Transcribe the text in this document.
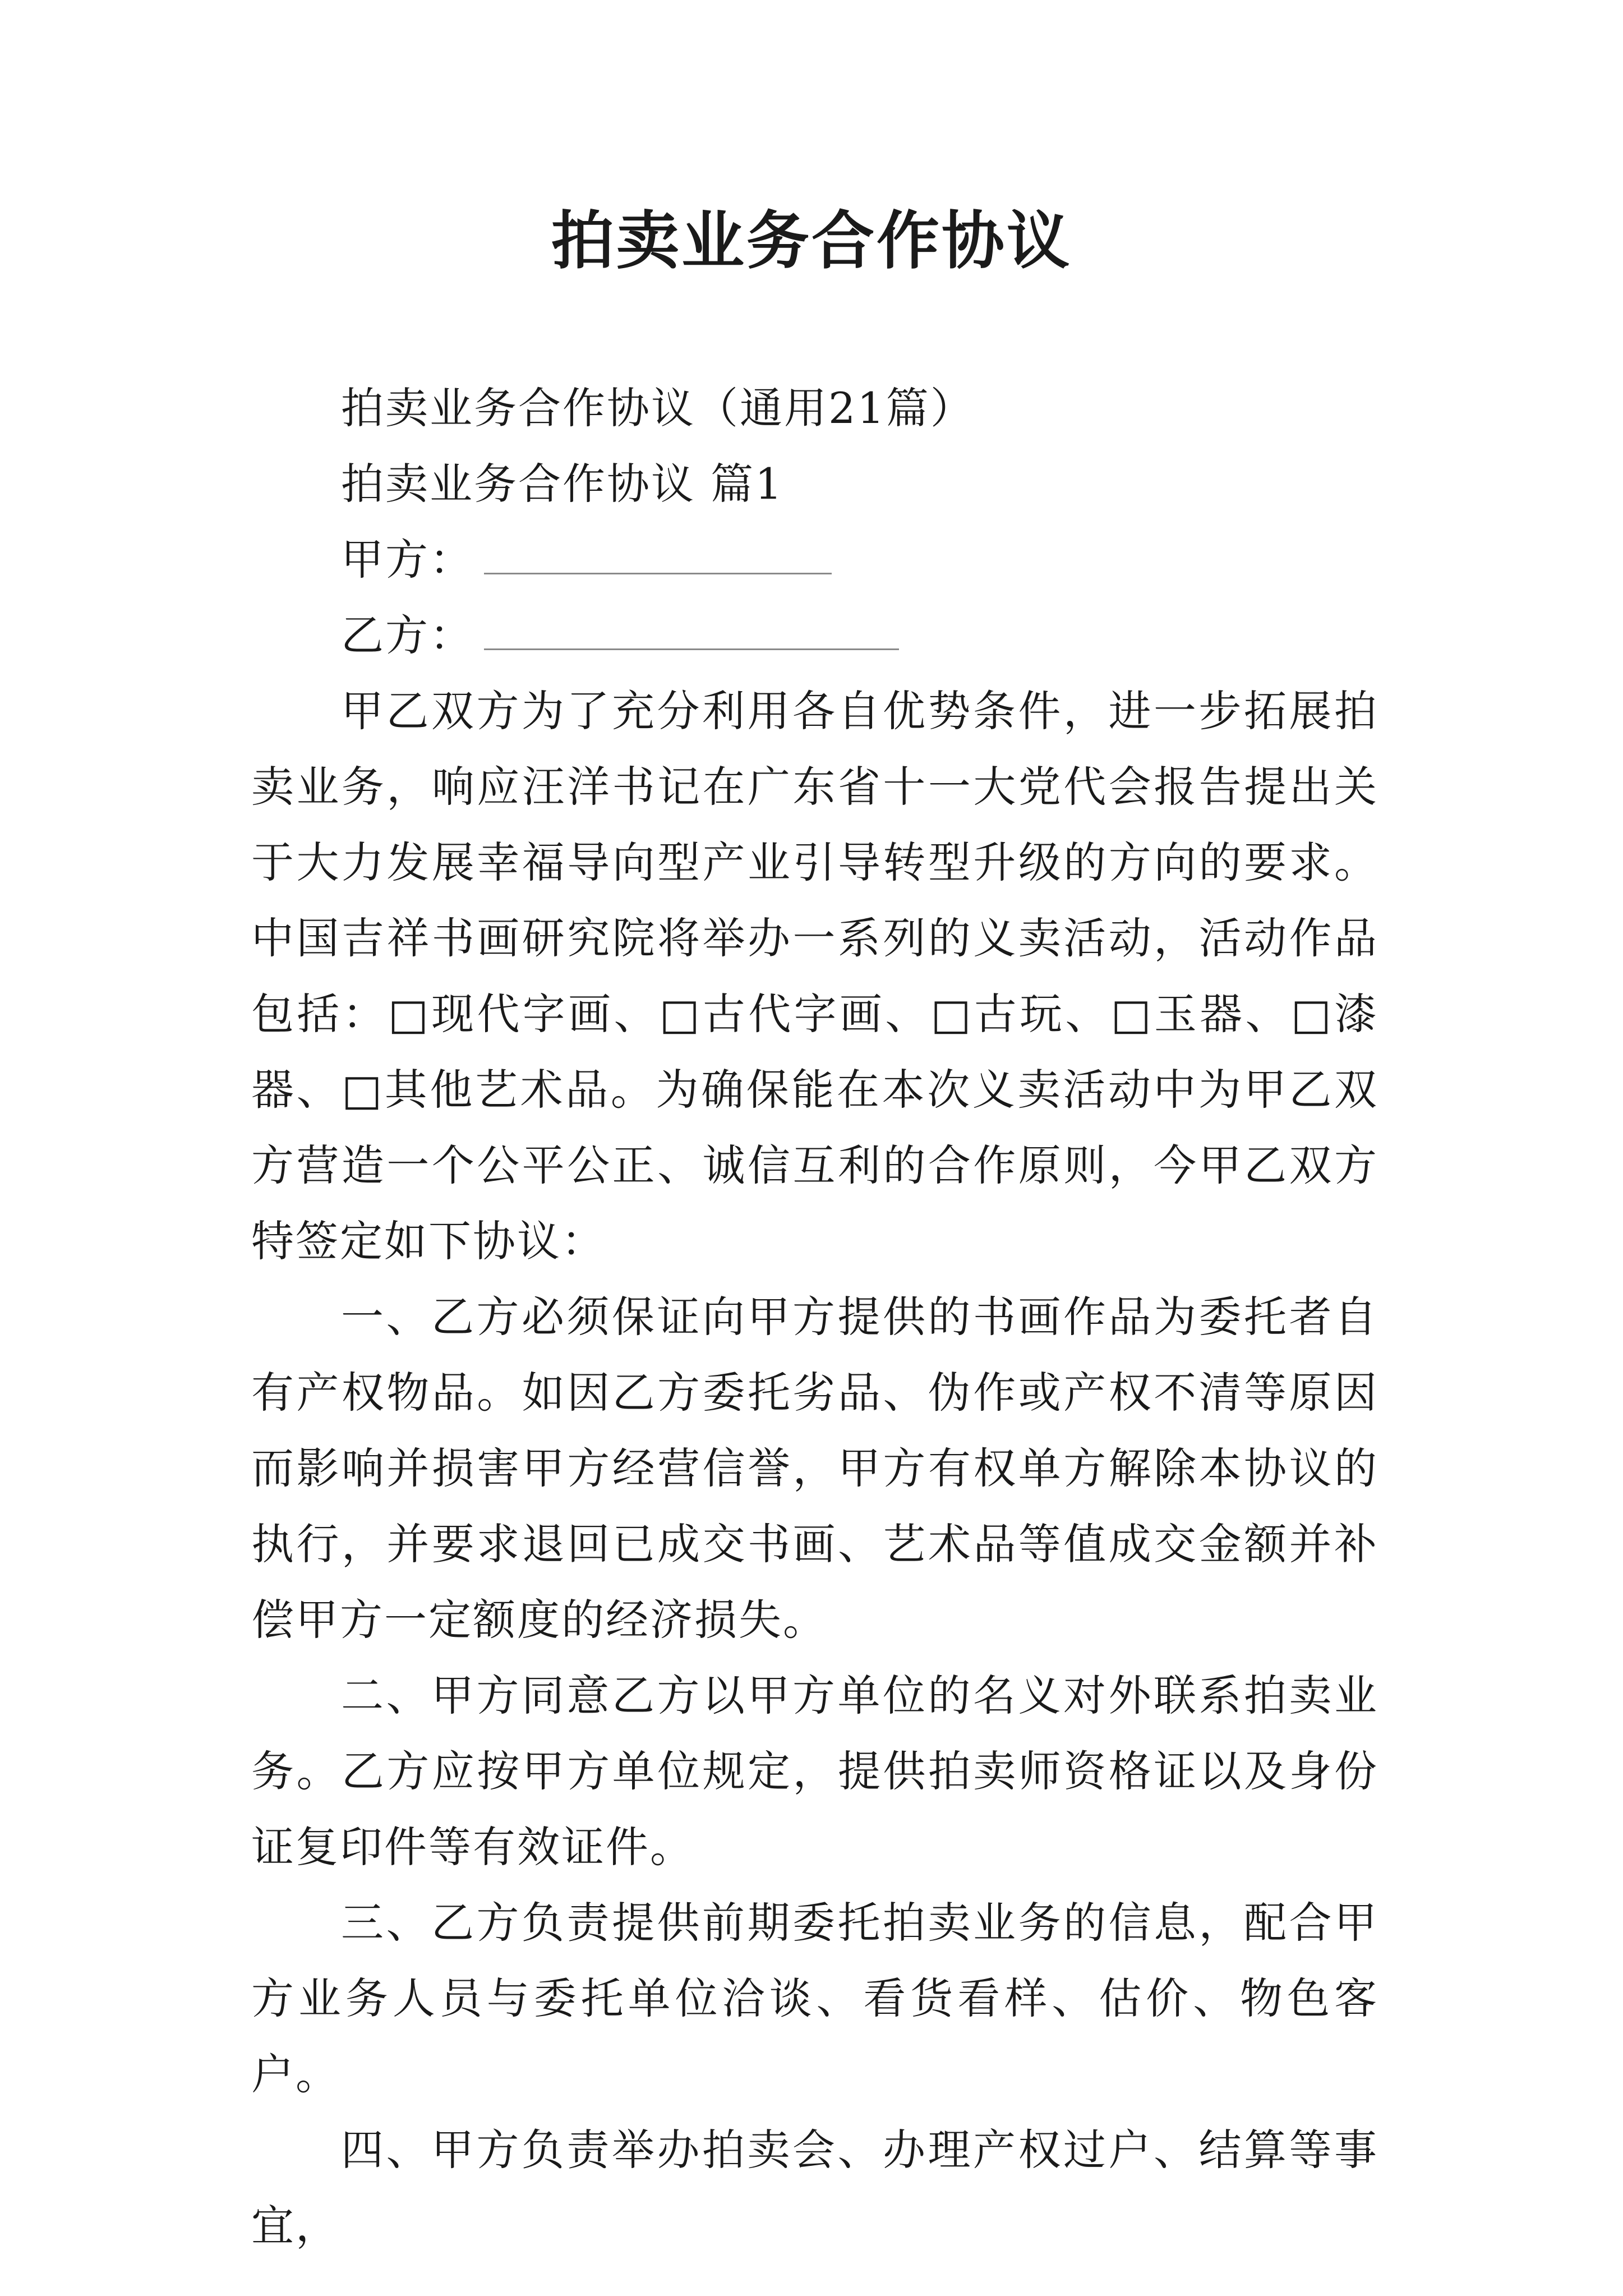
拍卖业务合作协议

拍卖业务合作协议（通用21篇）

拍卖业务合作协议 篇1

甲方：

乙方：

甲乙双方为了充分利用各自优势条件，进一步拓展拍卖业务，响应汪洋书记在广东省十一大党代会报告提出关于大力发展幸福导向型产业引导转型升级的方向的要求。中国吉祥书画研究院将举办一系列的义卖活动，活动作品包括：□现代字画、□古代字画、□古玩、□玉器、□漆器、□其他艺术品。为确保能在本次义卖活动中为甲乙双方营造一个公平公正、诚信互利的合作原则，今甲乙双方特签定如下协议：

一、乙方必须保证向甲方提供的书画作品为委托者自有产权物品。如因乙方委托劣品、伪作或产权不清等原因而影响并损害甲方经营信誉，甲方有权单方解除本协议的执行，并要求退回已成交书画、艺术品等值成交金额并补偿甲方一定额度的经济损失。

二、甲方同意乙方以甲方单位的名义对外联系拍卖业务。乙方应按甲方单位规定，提供拍卖师资格证以及身份证复印件等有效证件。

三、乙方负责提供前期委托拍卖业务的信息，配合甲方业务人员与委托单位洽谈、看货看样、估价、物色客户。

四、甲方负责举办拍卖会、办理产权过户、结算等事宜，
